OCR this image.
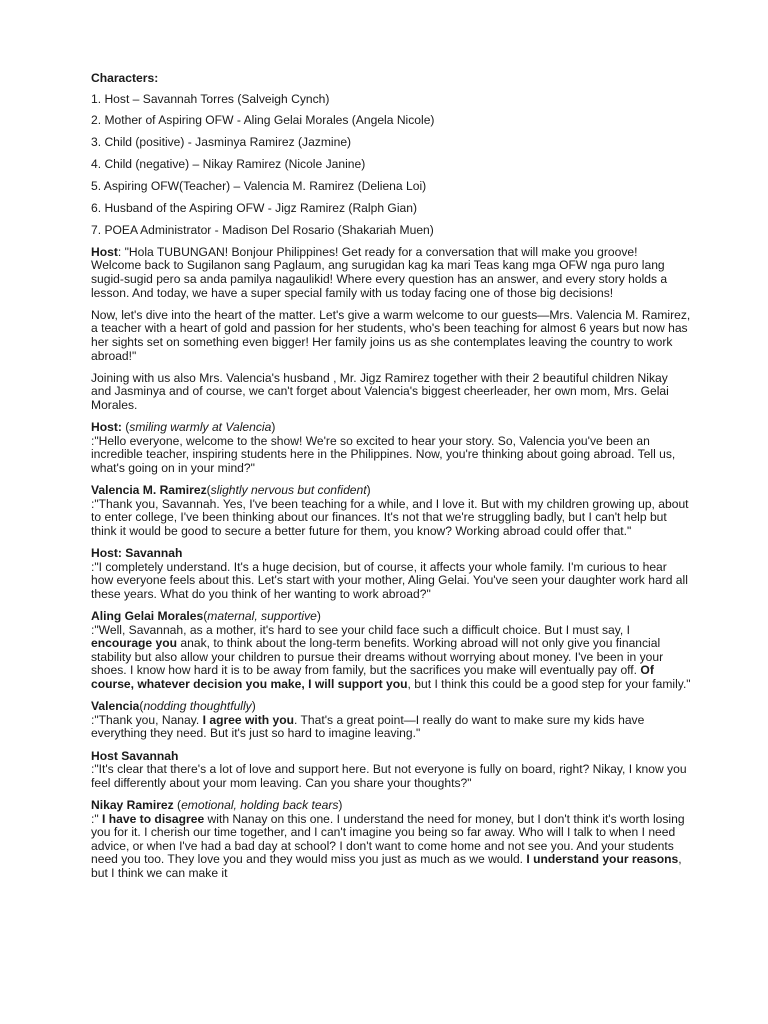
Characters:
1. Host – Savannah Torres (Salveigh Cynch)
2. Mother of Aspiring OFW - Aling Gelai Morales (Angela Nicole)
3. Child (positive) - Jasminya Ramirez (Jazmine)
4. Child (negative) – Nikay Ramirez (Nicole Janine)
5. Aspiring OFW(Teacher) – Valencia M. Ramirez (Deliena Loi)
6. Husband of the Aspiring OFW - Jigz Ramirez (Ralph Gian)
7. POEA Administrator - Madison Del Rosario (Shakariah Muen)
Host: "Hola TUBUNGAN! Bonjour Philippines! Get ready for a conversation that will make you groove! Welcome back to Sugilanon sang Paglaum, ang surugidan kag ka mari Teas kang mga OFW nga puro lang sugid-sugid pero sa anda pamilya nagaulikid! Where every question has an answer, and every story holds a lesson. And today, we have a super special family with us today facing one of those big decisions!
Now, let's dive into the heart of the matter. Let's give a warm welcome to our guests—Mrs. Valencia M. Ramirez, a teacher with a heart of gold and passion for her students, who's been teaching for almost 6 years but now has her sights set on something even bigger! Her family joins us as she contemplates leaving the country to work abroad!"
Joining with us also Mrs. Valencia's husband , Mr. Jigz Ramirez together with their 2 beautiful children Nikay and Jasminya and of course, we can't forget about Valencia's biggest cheerleader, her own mom, Mrs. Gelai Morales.
Host: (smiling warmly at Valencia)
:"Hello everyone, welcome to the show! We're so excited to hear your story. So, Valencia you've been an incredible teacher, inspiring students here in the Philippines. Now, you're thinking about going abroad. Tell us, what's going on in your mind?"
Valencia M. Ramirez(slightly nervous but confident)
:"Thank you, Savannah. Yes, I've been teaching for a while, and I love it. But with my children growing up, about to enter college, I've been thinking about our finances. It's not that we're struggling badly, but I can't help but think it would be good to secure a better future for them, you know? Working abroad could offer that."
Host: Savannah
:"I completely understand. It's a huge decision, but of course, it affects your whole family. I'm curious to hear how everyone feels about this. Let's start with your mother, Aling Gelai. You've seen your daughter work hard all these years. What do you think of her wanting to work abroad?"
Aling Gelai Morales(maternal, supportive)
:"Well, Savannah, as a mother, it's hard to see your child face such a difficult choice. But I must say, I encourage you anak, to think about the long-term benefits. Working abroad will not only give you financial stability but also allow your children to pursue their dreams without worrying about money. I've been in your shoes. I know how hard it is to be away from family, but the sacrifices you make will eventually pay off. Of course, whatever decision you make, I will support you, but I think this could be a good step for your family."
Valencia(nodding thoughtfully)
:"Thank you, Nanay. I agree with you. That's a great point—I really do want to make sure my kids have everything they need. But it's just so hard to imagine leaving."
Host Savannah
:"It's clear that there's a lot of love and support here. But not everyone is fully on board, right? Nikay, I know you feel differently about your mom leaving. Can you share your thoughts?"
Nikay Ramirez (emotional, holding back tears)
:" I have to disagree with Nanay on this one. I understand the need for money, but I don't think it's worth losing you for it. I cherish our time together, and I can't imagine you being so far away. Who will I talk to when I need advice, or when I've had a bad day at school? I don't want to come home and not see you. And your students need you too. They love you and they would miss you just as much as we would. I understand your reasons, but I think we can make it
